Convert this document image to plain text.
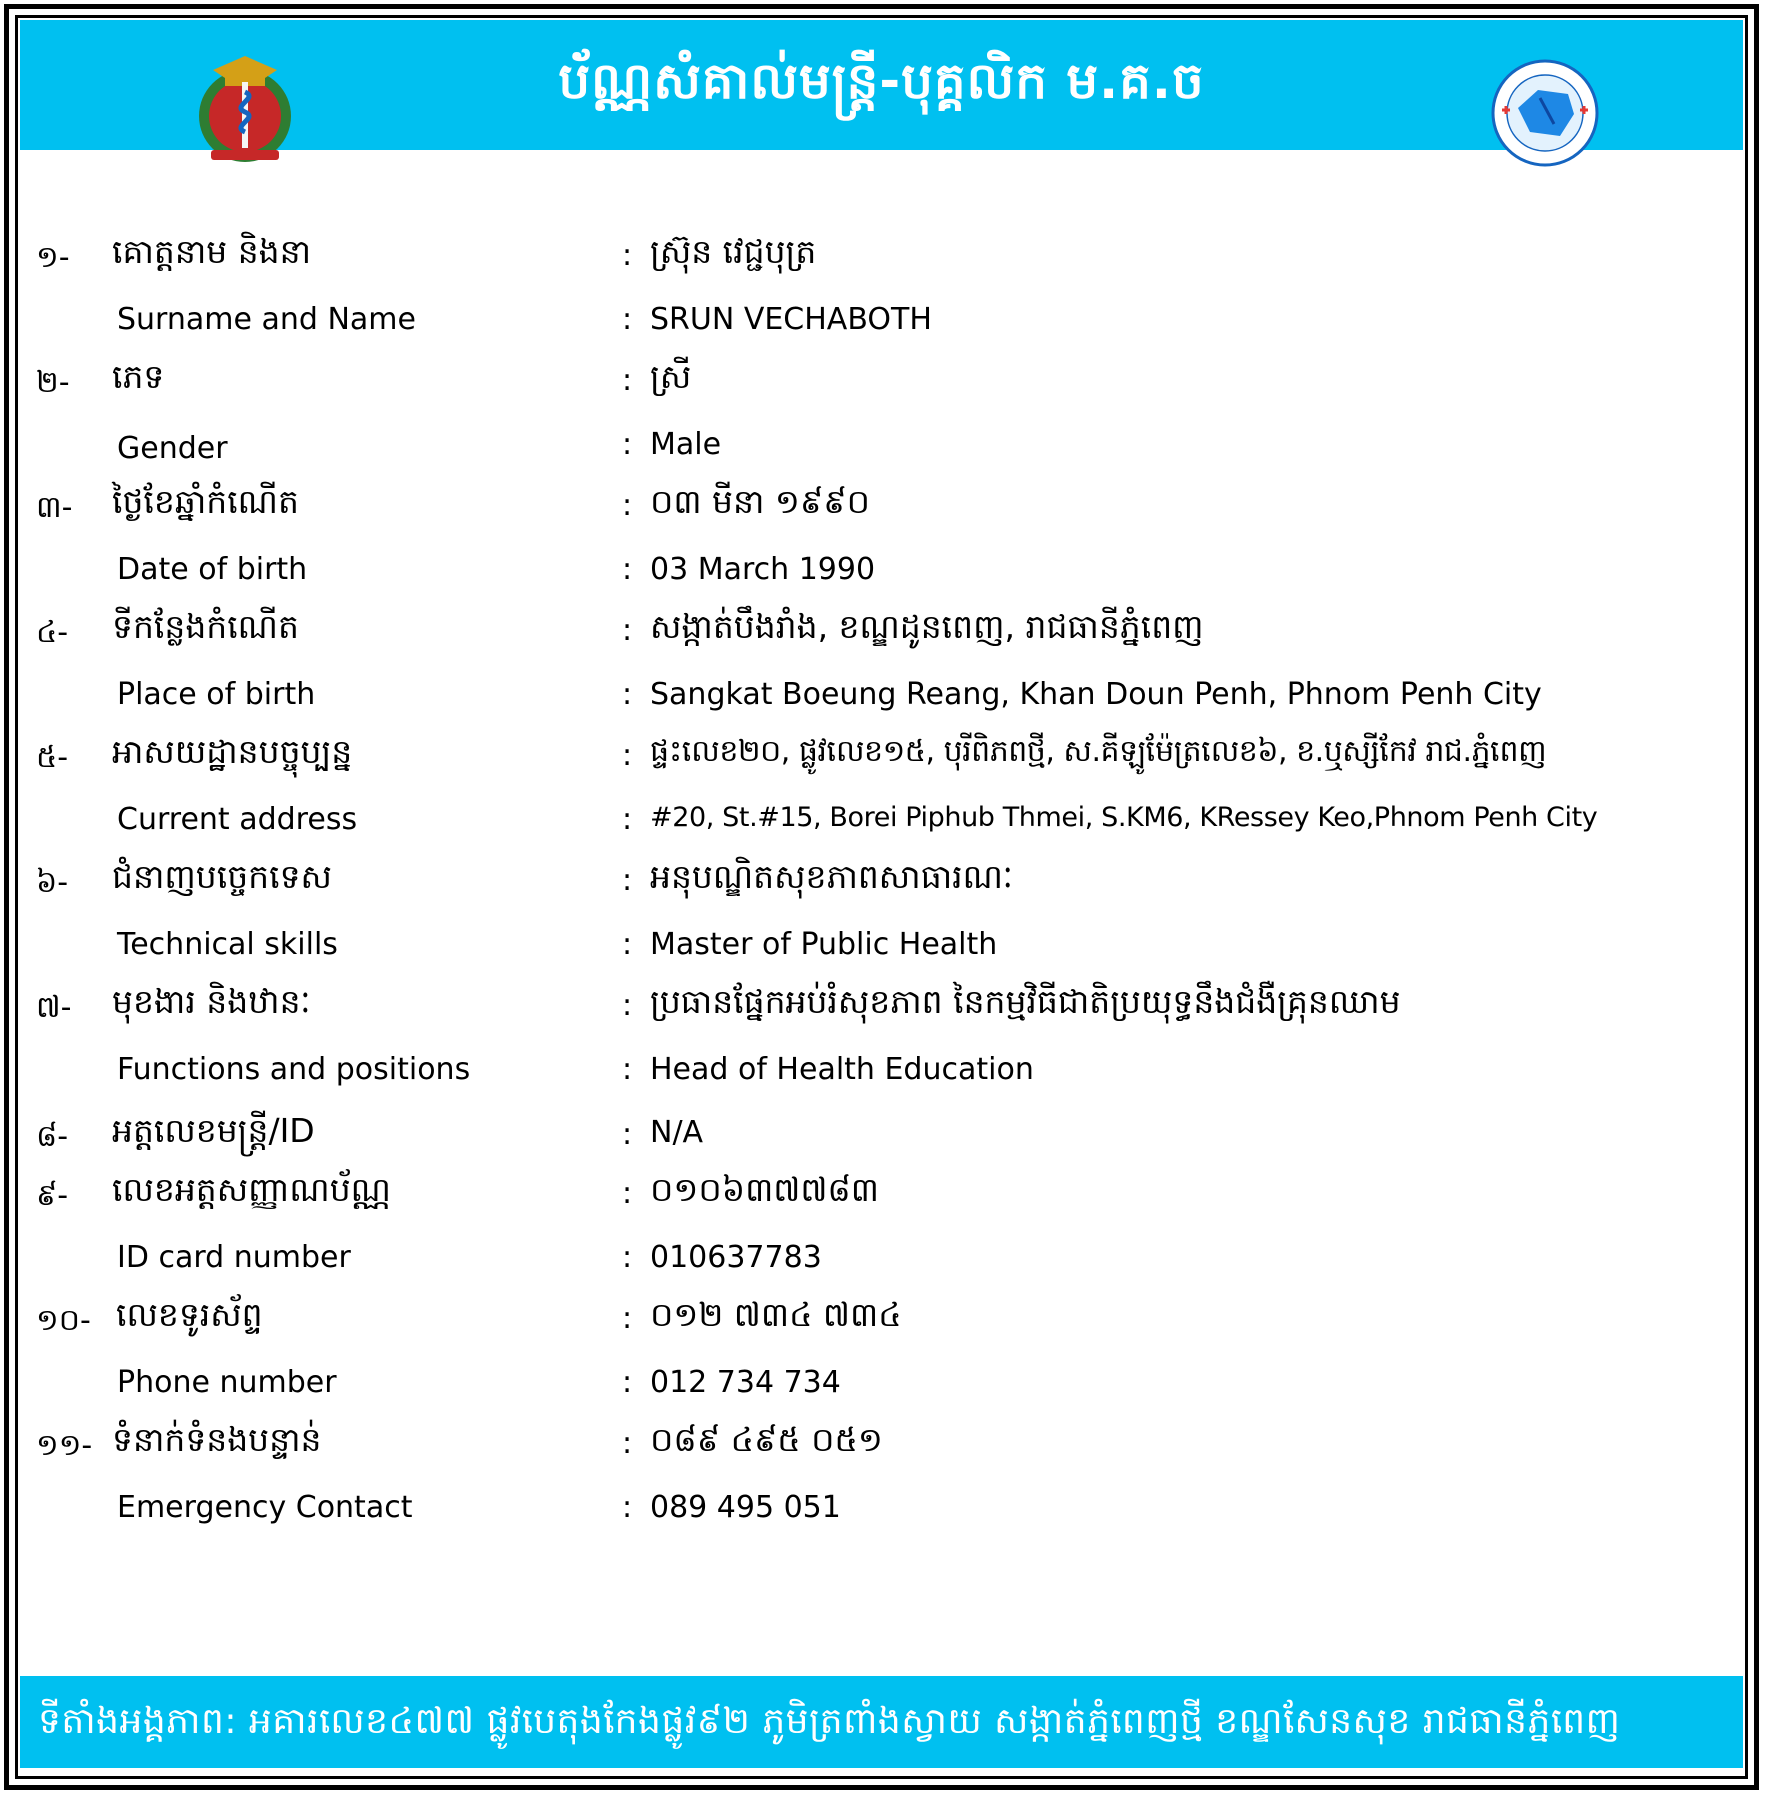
ប័ណ្ណសំគាល់មន្ត្រី-បុគ្គលិក ម.គ.ច
១- គោត្តនាម និងនា	: ស្រ៊ុន វេជ្ជបុត្រ
Surname and Name	: SRUN VECHABOTH
២- ភេទ	: ស្រី
Gender	: Male
៣- ថ្ងៃខែឆ្នាំកំណើត	: ០៣ មីនា ១៩៩០
Date of birth	: 03 March 1990
៤- ទីកន្លែងកំណើត	: សង្កាត់បឹងរាំង, ខណ្ឌដូនពេញ, រាជធានីភ្នំពេញ
Place of birth	: Sangkat Boeung Reang, Khan Doun Penh, Phnom Penh City
៥- អាសយដ្ឋានបច្ចុប្បន្ន	: ផ្ទះលេខ២០, ផ្លូវលេខ១៥, បុរីពិភពថ្មី, ស.គីឡូម៉ែត្រលេខ៦, ខ.ឬស្សីកែវ រាជ.ភ្នំពេញ
Current address	: #20, St.#15, Borei Piphub Thmei, S.KM6, KRessey Keo,Phnom Penh City
៦- ជំនាញបច្ចេកទេស	: អនុបណ្ឌិតសុខភាពសាធារណៈ
Technical skills	: Master of Public Health
៧- មុខងារ និងឋានៈ	: ប្រធានផ្នែកអប់រំសុខភាព នៃកម្មវិធីជាតិប្រយុទ្ធនឹងជំងឺគ្រុនឈាម
Functions and positions	: Head of Health Education
៨- អត្តលេខមន្ត្រី/ID	: N/A
៩- លេខអត្តសញ្ញាណប័ណ្ណ	: ០១០៦៣៧៧៨៣
ID card number	: 010637783
១០- លេខទូរស័ព្ទ	: ០១២ ៧៣៤ ៧៣៤
Phone number	: 012 734 734
១១- ទំនាក់ទំនងបន្ទាន់	: ០៨៩ ៤៩៥ ០៥១
Emergency Contact	: 089 495 051
ទីតាំងអង្គភាព: អគារលេខ៤៧៧ ផ្លូវបេតុងកែងផ្លូវ៩២ ភូមិត្រពាំងស្វាយ សង្កាត់ភ្នំពេញថ្មី ខណ្ឌសែនសុខ រាជធានីភ្នំពេញ
